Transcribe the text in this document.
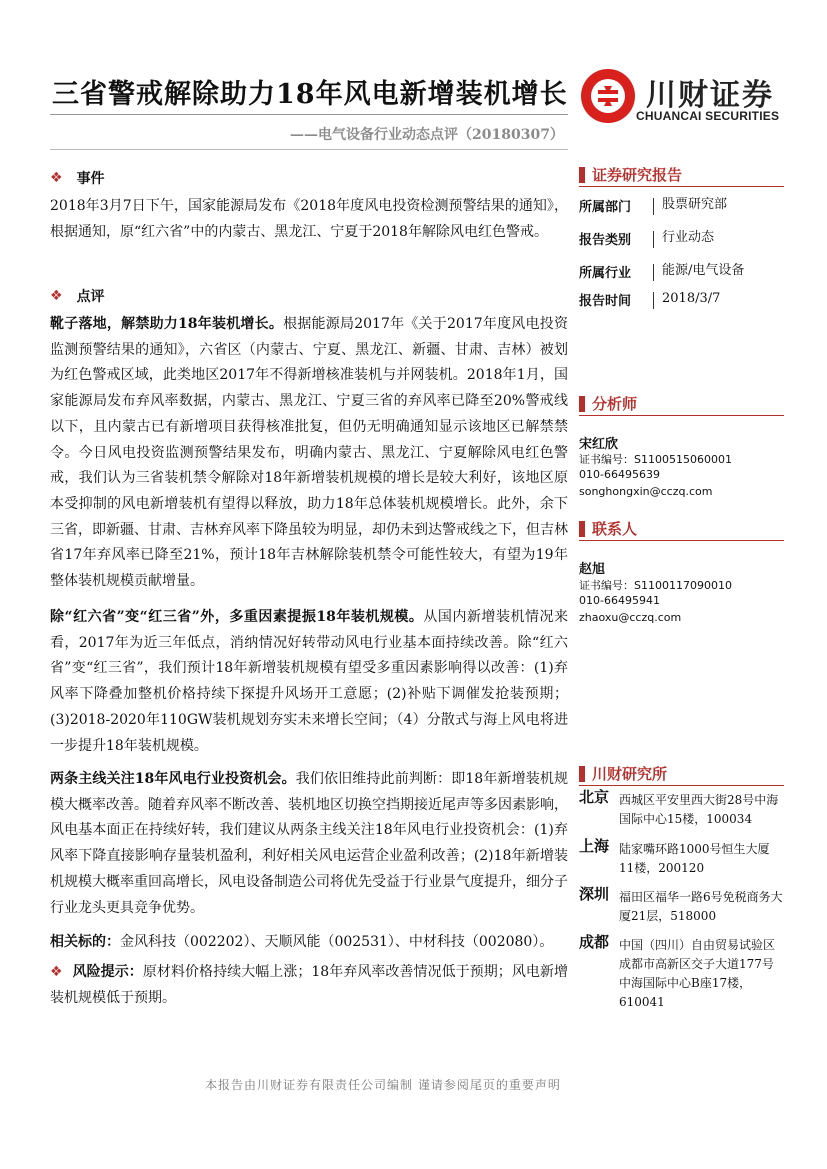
三省警戒解除助力18年风电新增装机增长
——电气设备行业动态点评（20180307）
川财证券
CHUANCAI SECURITIES
❖ 事件

2018年3月7日下午，国家能源局发布《2018年度风电投资检测预警结果的通知》，根据通知，原“红六省”中的内蒙古、黑龙江、宁夏于2018年解除风电红色警戒。

❖ 点评

靴子落地，解禁助力18年装机增长。根据能源局2017年《关于2017年度风电投资监测预警结果的通知》，六省区（内蒙古、宁夏、黑龙江、新疆、甘肃、吉林）被划为红色警戒区域，此类地区2017年不得新增核准装机与并网装机。2018年1月，国家能源局发布弃风率数据，内蒙古、黑龙江、宁夏三省的弃风率已降至20%警戒线以下，且内蒙古已有新增项目获得核准批复，但仍无明确通知显示该地区已解禁禁令。今日风电投资监测预警结果发布，明确内蒙古、黑龙江、宁夏解除风电红色警戒，我们认为三省装机禁令解除对18年新增装机规模的增长是较大利好，该地区原本受抑制的风电新增装机有望得以释放，助力18年总体装机规模增长。此外，余下三省，即新疆、甘肃、吉林弃风率下降虽较为明显，却仍未到达警戒线之下，但吉林省17年弃风率已降至21%，预计18年吉林解除装机禁令可能性较大，有望为19年整体装机规模贡献增量。

除“红六省”变“红三省”外，多重因素提振18年装机规模。从国内新增装机情况来看，2017年为近三年低点，消纳情况好转带动风电行业基本面持续改善。除“红六省”变“红三省”，我们预计18年新增装机规模有望受多重因素影响得以改善：(1)弃风率下降叠加整机价格持续下探提升风场开工意愿；(2)补贴下调催发抢装预期；(3)2018-2020年110GW装机规划夯实未来增长空间；（4）分散式与海上风电将进一步提升18年装机规模。

两条主线关注18年风电行业投资机会。我们依旧维持此前判断：即18年新增装机规模大概率改善。随着弃风率不断改善、装机地区切换空挡期接近尾声等多因素影响，风电基本面正在持续好转，我们建议从两条主线关注18年风电行业投资机会：(1)弃风率下降直接影响存量装机盈利，利好相关风电运营企业盈利改善；(2)18年新增装机规模大概率重回高增长，风电设备制造公司将优先受益于行业景气度提升，细分子行业龙头更具竞争优势。

相关标的：金风科技（002202）、天顺风能（002531）、中材科技（002080）。

❖ 风险提示：原材料价格持续大幅上涨；18年弃风率改善情况低于预期；风电新增装机规模低于预期。

证券研究报告
所属部门	股票研究部
报告类别	行业动态
所属行业	能源/电气设备
报告时间	2018/3/7
分析师
宋红欣
证书编号：S1100515060001
010-66495639
songhongxin@cczq.com
联系人
赵旭
证书编号：S1100117090010
010-66495941
zhaoxu@cczq.com
川财研究所
北京 西城区平安里西大街28号中海国际中心15楼，100034
上海 陆家嘴环路1000号恒生大厦11楼，200120
深圳 福田区福华一路6号免税商务大厦21层，518000
成都 中国（四川）自由贸易试验区成都市高新区交子大道177号中海国际中心B座17楼，610041
本报告由川财证券有限责任公司编制 谨请参阅尾页的重要声明
